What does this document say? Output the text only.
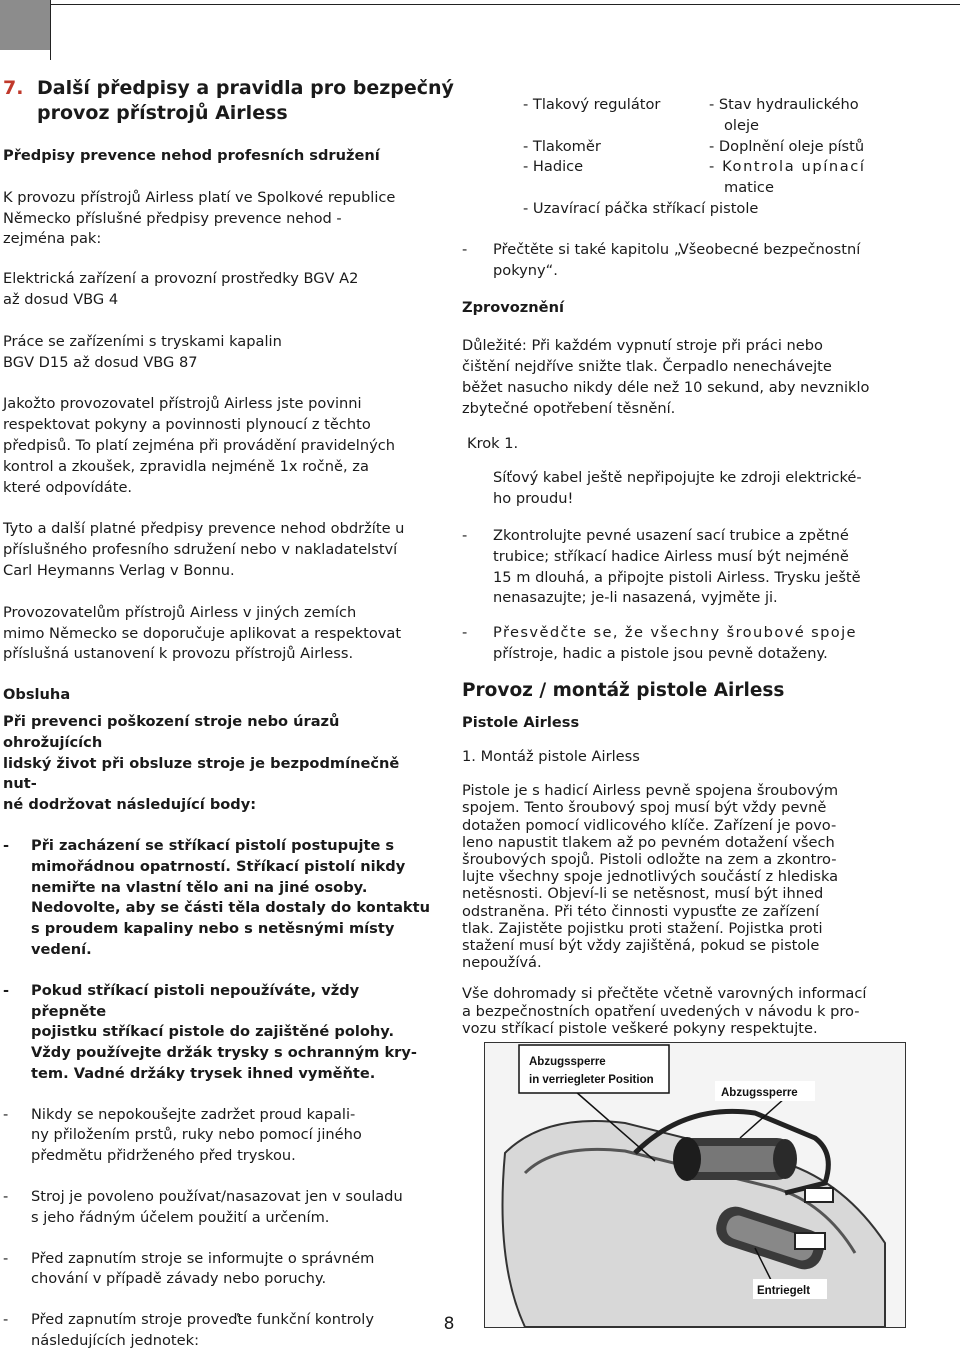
7. Další předpisy a pravidla pro bezpečný
provoz přístrojů Airless

Předpisy prevence nehod profesních sdružení

K provozu přístrojů Airless platí ve Spolkové republice
Německo příslušné předpisy prevence nehod -
zejména pak:

Elektrická zařízení a provozní prostředky BGV A2
až dosud VBG 4

Práce se zařízeními s tryskami kapalin
BGV D15 až dosud VBG 87

Jakožto provozovatel přístrojů Airless jste povinni
respektovat pokyny a povinnosti plynoucí z těchto
předpisů. To platí zejména při provádění pravidelných
kontrol a zkoušek, zpravidla nejméně 1x ročně, za
které odpovídáte.

Tyto a další platné předpisy prevence nehod obdržíte u
příslušného profesního sdružení nebo v nakladatelství
Carl Heymanns Verlag v Bonnu.

Provozovatelům přístrojů Airless v jiných zemích
mimo Německo se doporučuje aplikovat a respektovat
příslušná ustanovení k provozu přístrojů Airless.

Obsluha

Při prevenci poškození stroje nebo úrazů ohrožujících
lidský život při obsluze stroje je bezpodmínečně nut-
né dodržovat následující body:

-	Při zacházení se stříkací pistolí postupujte s
mimořádnou opatrností. Stříkací pistolí nikdy
nemiřte na vlastní tělo ani na jiné osoby.
Nedovolte, aby se části těla dostaly do kontaktu
s proudem kapaliny nebo s netěsnými místy
vedení.
-	Pokud stříkací pistoli nepoužíváte, vždy přepněte
pojistku stříkací pistole do zajištěné polohy.
Vždy používejte držák trysky s ochranným kry-
tem. Vadné držáky trysek ihned vyměňte.
-	Nikdy se nepokoušejte zadržet proud kapali-
ny přiložením prstů, ruky nebo pomocí jiného
předmětu přidrženého před tryskou.
-	Stroj je povoleno používat/nasazovat jen v souladu
s jeho řádným účelem použití a určením.
-	Před zapnutím stroje se informujte o správném
chování v případě závady nebo poruchy.
-	Před zapnutím stroje proveďte funkční kontroly
následujících jednotek:
- Tlakový regulátor	- Stav hydraulického
oleje
- Tlakoměr	- Doplnění oleje pístů
- Hadice	- Kontrola upínací
matice
- Uzavírací páčka stříkací pistole
-	Přečtěte si také kapitolu „Všeobecné bezpečnostní
pokyny“.

Zprovoznění

Důležité: Při každém vypnutí stroje při práci nebo
čištění nejdříve snižte tlak. Čerpadlo nenechávejte
běžet nasucho nikdy déle než 10 sekund, aby nevzniklo
zbytečné opotřebení těsnění.

Krok 1.

Síťový kabel ještě nepřipojujte ke zdroji elektrické-
ho proudu!

-	Zkontrolujte pevné usazení sací trubice a zpětné
trubice; stříkací hadice Airless musí být nejméně
15 m dlouhá, a připojte pistoli Airless. Trysku ještě
nenasazujte; je-li nasazená, vyjměte ji.
-	Přesvědčte se, že všechny šroubové spoje
přístroje, hadic a pistole jsou pevně dotaženy.

Provoz / montáž pistole Airless

Pistole Airless

1. Montáž pistole Airless

Pistole je s hadicí Airless pevně spojena šroubovým
spojem. Tento šroubový spoj musí být vždy pevně
dotažen pomocí vidlicového klíče. Zařízení je povo-
leno napustit tlakem až po pevném dotažení všech
šroubových spojů. Pistoli odložte na zem a zkontro-
lujte všechny spoje jednotlivých součástí z hlediska
netěsnosti. Objeví-li se netěsnost, musí být ihned
odstraněna. Při této činnosti vypusťte ze zařízení
tlak. Zajistěte pojistku proti stažení. Pojistka proti
stažení musí být vždy zajištěná, pokud se pistole
nepoužívá.

Vše dohromady si přečtěte včetně varovných informací
a bezpečnostních opatření uvedených v návodu k pro-
vozu stříkací pistole veškeré pokyny respektujte.

Abzugssperre
in verriegleter Position
Abzugssperre
Entriegelt
8
